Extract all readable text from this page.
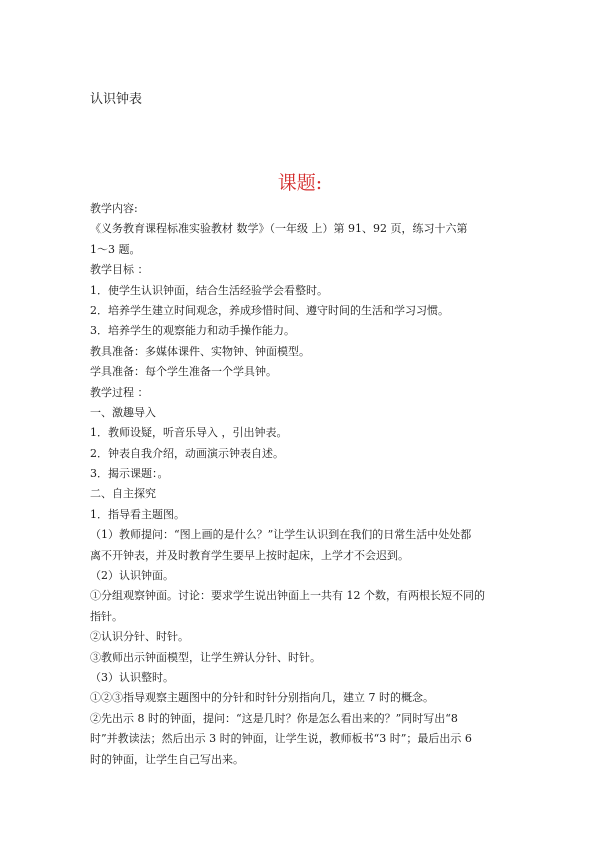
认识钟表
课题:
教学内容:
《义务教育课程标准实验教材 数学》（一年级 上）第 91、92 页，练习十六第
1～3 题。
教学目标 ：
1．使学生认识钟面，结合生活经验学会看整时。
2．培养学生建立时间观念，养成珍惜时间、遵守时间的生活和学习习惯。
3．培养学生的观察能力和动手操作能力。
教具准备：多媒体课件、实物钟、钟面模型。
学具准备：每个学生准备一个学具钟。
教学过程 ：
一、激趣导入
1．教师设疑，听音乐导入 ，引出钟表。
2．钟表自我介绍，动画演示钟表自述。
3．揭示课题：。
二、自主探究
1．指导看主题图。
（1）教师提问：“图上画的是什么？”让学生认识到在我们的日常生活中处处都
离不开钟表，并及时教育学生要早上按时起床，上学才不会迟到。
（2）认识钟面。
①分组观察钟面。讨论：要求学生说出钟面上一共有 12 个数，有两根长短不同的
指针。
②认识分针、时针。
③教师出示钟面模型，让学生辨认分针、时针。
（3）认识整时。
①②③指导观察主题图中的分针和时针分别指向几，建立 7 时的概念。
②先出示 8 时的钟面，提问：“这是几时？你是怎么看出来的？”同时写出“8
时”并教读法；然后出示 3 时的钟面，让学生说，教师板书“3 时”；最后出示 6
时的钟面，让学生自己写出来。
